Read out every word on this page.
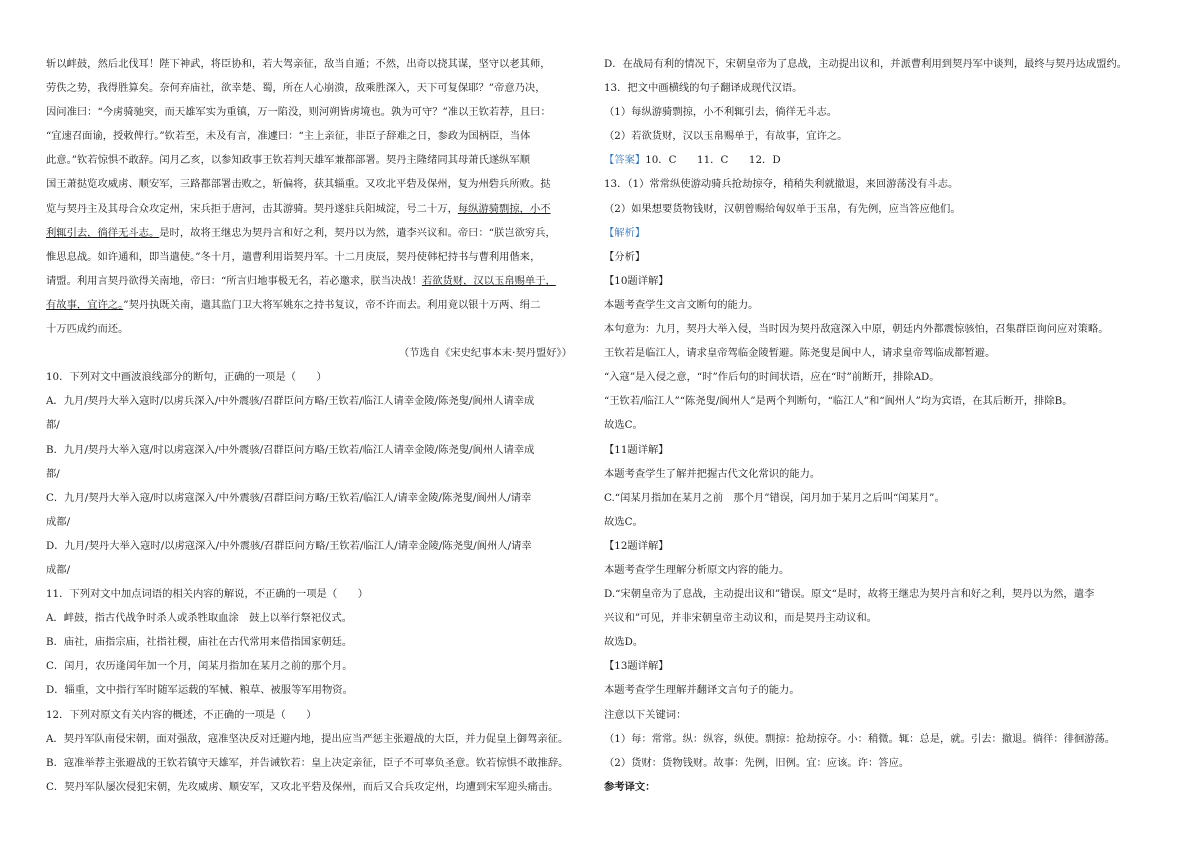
斩以衅鼓，然后北伐耳！陛下神武，将臣协和，若大驾亲征，敌当自遁；不然，出奇以挠其谋，坚守以老其师，
劳佚之势，我得胜算矣。奈何弃庙社，欲幸楚、蜀，所在人心崩溃，敌乘胜深入，天下可复保耶？”帝意乃决，
因问准曰：“今虏骑驰突，而天雄军实为重镇，万一陷没，则河朔皆虏境也。孰为可守？”准以王钦若荐，且曰：
“宜速召面谕，授敕俾行。”钦若至，未及有言，准遽曰：“主上亲征，非臣子辞难之日，参政为国柄臣，当体
此意。”钦若惊惧不敢辞。闰月乙亥，以参知政事王钦若判天雄军兼都部署。契丹主隆绪同其母萧氏遂纵军顺
国王萧挞览攻威虏、顺安军，三路都部署击败之，斩偏将，获其辎重。又攻北平砦及保州，复为州砦兵所败。挞
览与契丹主及其母合众攻定州，宋兵拒于唐河，击其游骑。契丹遂驻兵阳城淀，号二十万，每纵游骑剽掠，小不
利辄引去，徜徉无斗志。是时，故将王继忠为契丹言和好之利，契丹以为然，遣李兴议和。帝曰：“朕岂欲穷兵，
惟思息战。如许通和，即当遣使。”冬十月，遣曹利用诣契丹军。十二月庚辰，契丹使韩杞持书与曹利用偕来，
请盟。利用言契丹欲得关南地，帝曰：“所言归地事极无名，若必邀求，朕当决战！若欲货财，汉以玉帛赐单于，
有故事，宜许之。”契丹执既关南，遣其监门卫大将军姚东之持书复议，帝不许而去。利用竟以银十万两、绢二
十万匹成约而还。
（节选自《宋史纪事本末·契丹盟好》）
10．下列对文中画波浪线部分的断句，正确的一项是（　　）
A．九月/契丹大举入寇时/以虏兵深入/中外震骇/召群臣问方略/王钦若/临江人请幸金陵/陈尧叟/阆州人请幸成
都/
B．九月/契丹大举入寇/时以虏寇深入/中外震骇/召群臣问方略/王钦若/临江人请幸金陵/陈尧叟/阆州人请幸成
都/
C．九月/契丹大举入寇/时以虏寇深入/中外震骇/召群臣问方略/王钦若/临江人/请幸金陵/陈尧叟/阆州人/请幸
成都/
D．九月/契丹大举入寇时/以虏寇深入/中外震骇/召群臣问方略/王钦若/临江人/请幸金陵/陈尧叟/阆州人/请幸
成都/
11．下列对文中加点词语的相关内容的解说，不正确的一项是（　　）
A．衅鼓，指古代战争时杀人或杀牲取血涂　鼓上以举行祭祀仪式。
B．庙社，庙指宗庙，社指社稷，庙社在古代常用来借指国家朝廷。
C．闰月，农历逢闰年加一个月，闰某月指加在某月之前的那个月。
D．辎重，文中指行军时随军运载的军械、粮草、被服等军用物资。
12．下列对原文有关内容的概述，不正确的一项是（　　）
A．契丹军队南侵宋朝，面对强敌，寇准坚决反对迁避内地，提出应当严惩主张避战的大臣，并力促皇上御驾亲征。
B．寇准举荐主张避战的王钦若镇守天雄军，并告诫钦若：皇上决定亲征，臣子不可辜负圣意。钦若惊惧不敢推辞。
C．契丹军队屡次侵犯宋朝，先攻威虏、顺安军，又攻北平砦及保州，而后又合兵攻定州，均遭到宋军迎头痛击。
D．在战局有利的情况下，宋朝皇帝为了息战，主动提出议和，并派曹利用到契丹军中谈判，最终与契丹达成盟约。
13．把文中画横线的句子翻译成现代汉语。
（1）每纵游骑剽掠，小不利辄引去，徜徉无斗志。
（2）若欲货财，汉以玉帛赐单于，有故事，宜许之。
【答案】10．C　　11．C　　12．D
13．（1）常常纵使游动骑兵抢劫掠夺，稍稍失利就撤退，来回游荡没有斗志。
（2）如果想要货物钱财，汉朝曾赐给匈奴单于玉帛，有先例，应当答应他们。
【解析】
【分析】
【10题详解】
本题考查学生文言文断句的能力。
本句意为：九月，契丹大举入侵，当时因为契丹敌寇深入中原，朝廷内外都震惊骇怕，召集群臣询问应对策略。
王钦若是临江人，请求皇帝驾临金陵暂避。陈尧叟是阆中人，请求皇帝驾临成都暂避。
“入寇”是入侵之意，“时”作后句的时间状语，应在“时”前断开，排除AD。
“王钦若/临江人”“陈尧叟/阆州人”是两个判断句，“临江人”和“阆州人”均为宾语，在其后断开，排除B。
故选C。
【11题详解】
本题考查学生了解并把握古代文化常识的能力。
C.“闰某月指加在某月之前　那个月”错误，闰月加于某月之后叫“闰某月”。
故选C。
【12题详解】
本题考查学生理解分析原文内容的能力。
D.“宋朝皇帝为了息战，主动提出议和”错误。原文“是时，故将王继忠为契丹言和好之利，契丹以为然，遣李
兴议和”可见，并非宋朝皇帝主动议和，而是契丹主动议和。
故选D。
【13题详解】
本题考查学生理解并翻译文言句子的能力。
注意以下关键词：
（1）每：常常。纵：纵容，纵使。剽掠：抢劫掠夺。小：稍微。辄：总是，就。引去：撤退。徜徉：徘徊游荡。
（2）货财：货物钱财。故事：先例，旧例。宜：应该。许：答应。
参考译文：
